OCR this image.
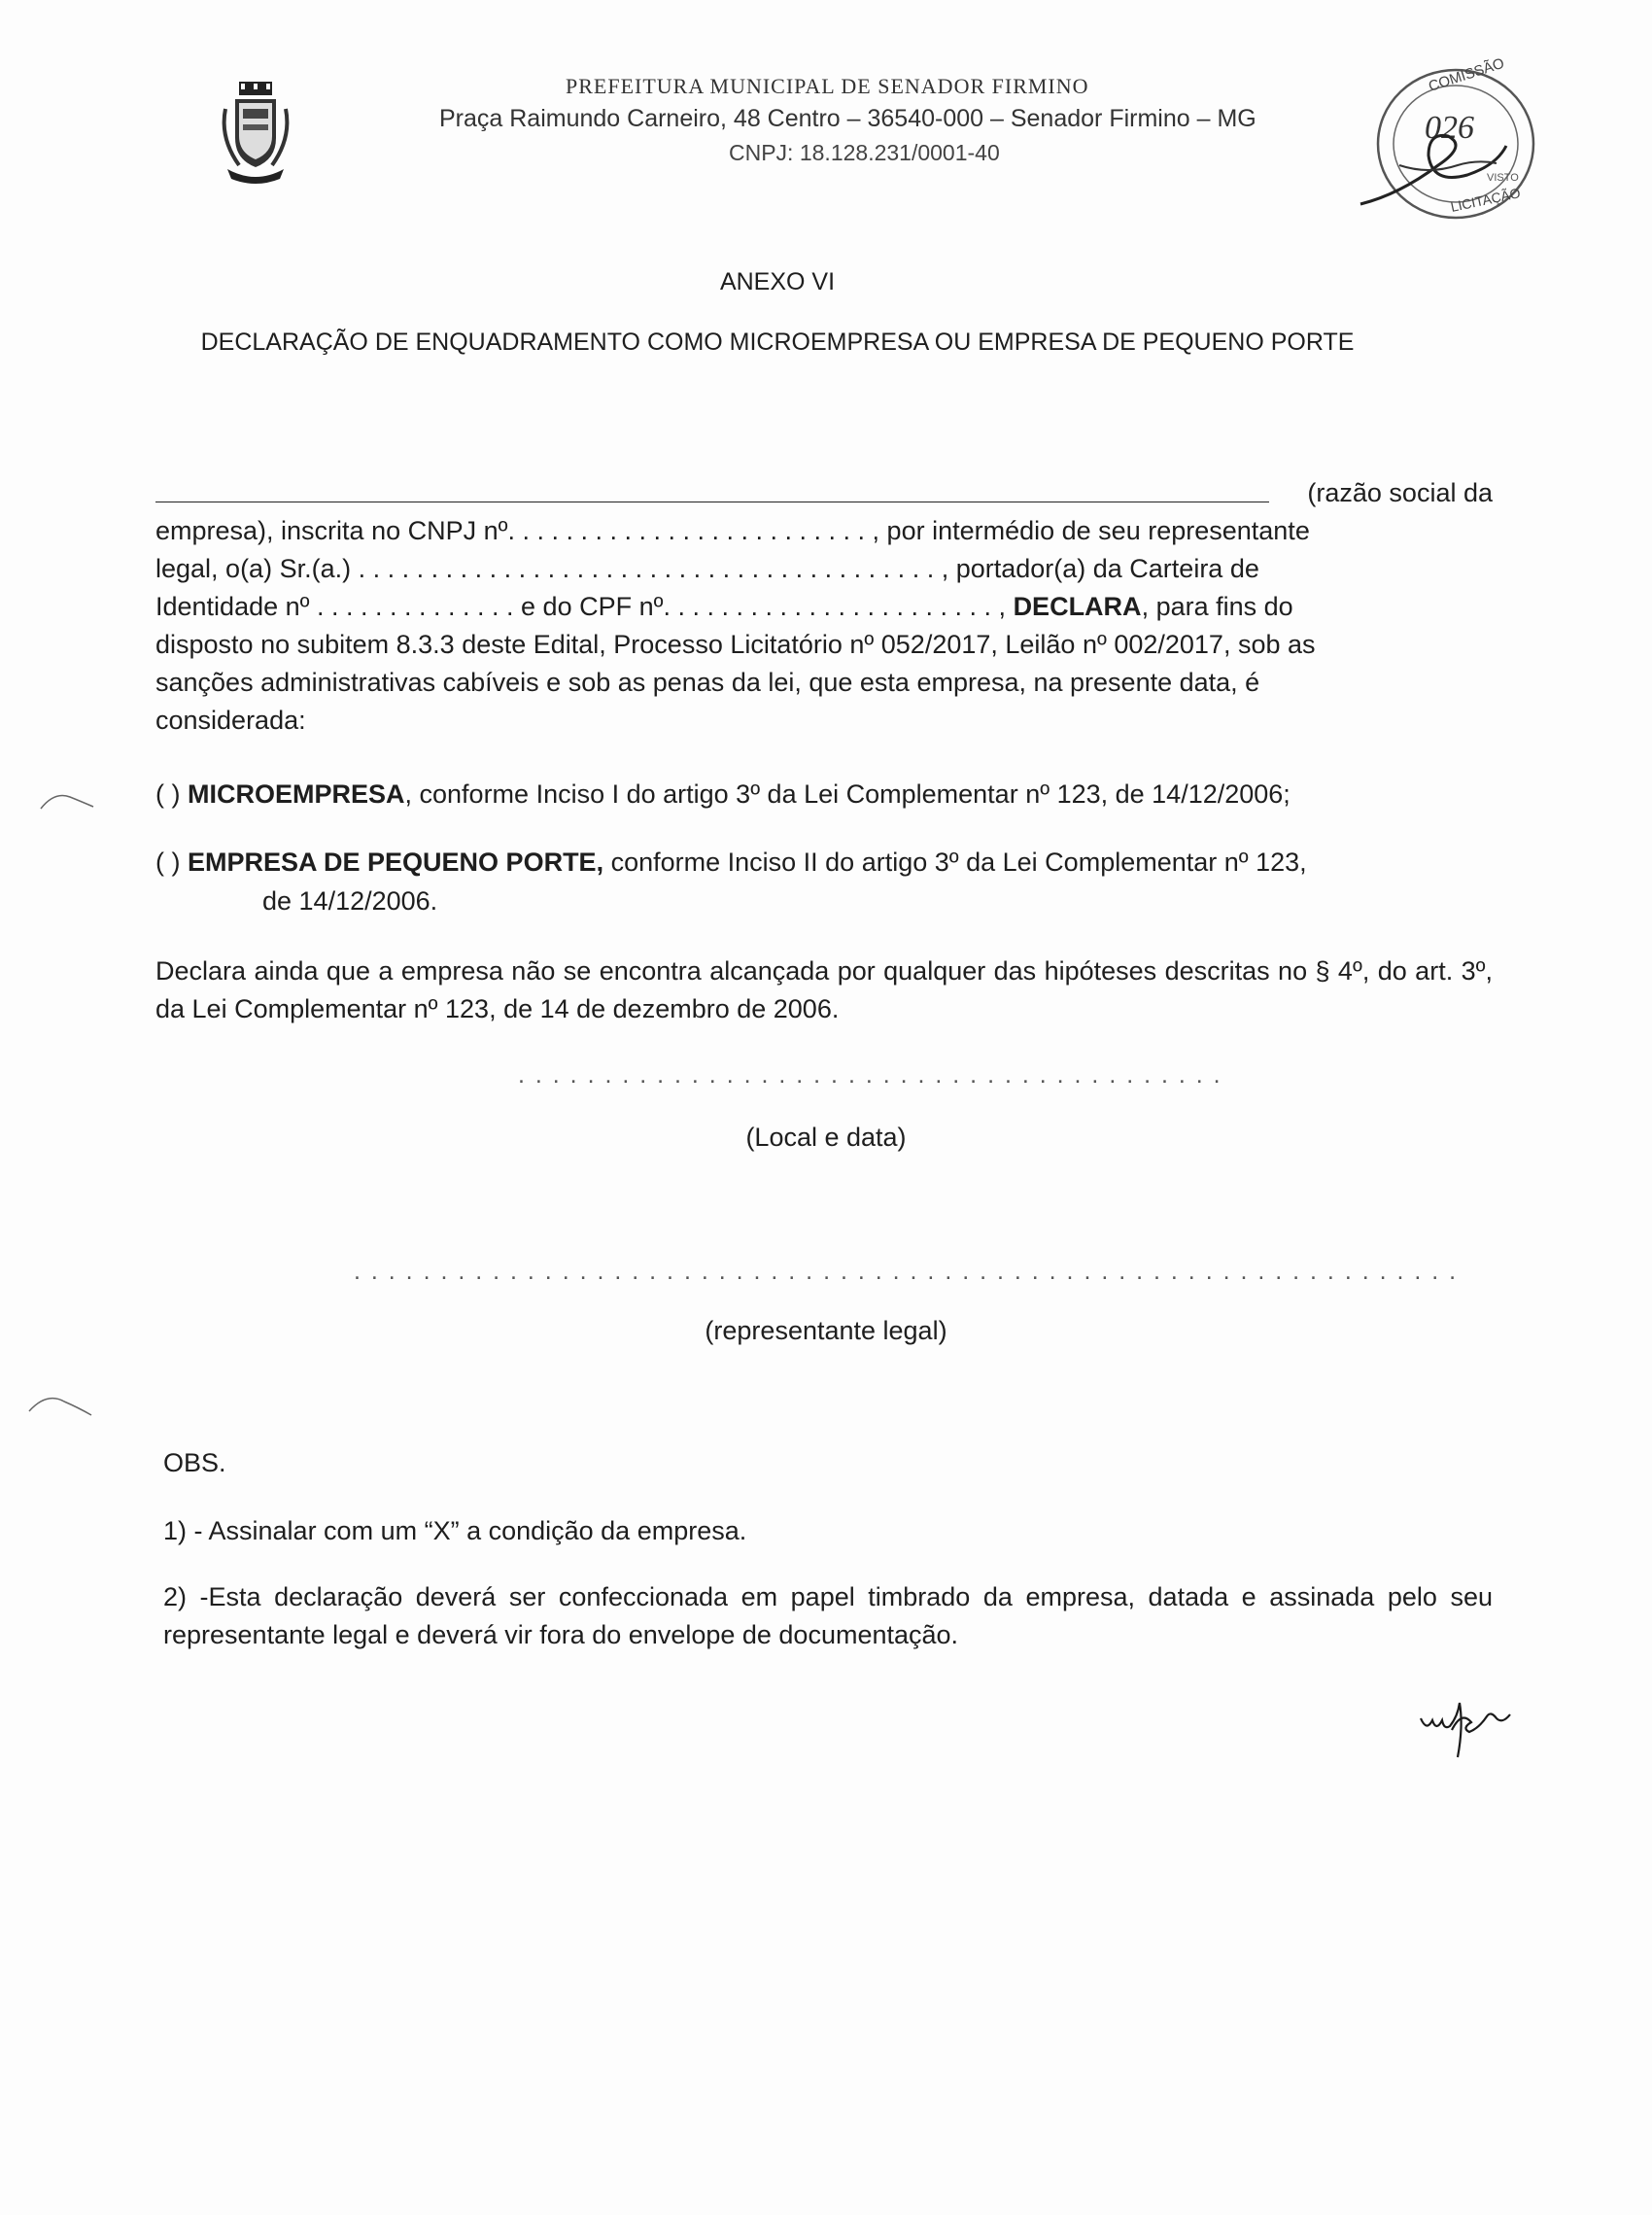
PREFEITURA MUNICIPAL DE SENADOR FIRMINO
Praça Raimundo Carneiro, 48 Centro – 36540-000 – Senador Firmino – MG
CNPJ: 18.128.231/0001-40
COMISSÃO
026
VISTO
LICITAÇÃO
ANEXO VI
DECLARAÇÃO DE ENQUADRAMENTO COMO MICROEMPRESA OU EMPRESA DE PEQUENO PORTE
(razão social da
empresa), inscrita no CNPJ nº. . . . . . . . . . . . . . . . . . . . . . . . . , por intermédio de seu representante
legal, o(a) Sr.(a.) . . . . . . . . . . . . . . . . . . . . . . . . . . . . . . . . . . . . . . . . , portador(a) da Carteira de
Identidade nº . . . . . . . . . . . . . . e do CPF nº. . . . . . . . . . . . . . . . . . . . . . . , DECLARA, para fins do
disposto no subitem 8.3.3 deste Edital, Processo Licitatório nº 052/2017, Leilão nº 002/2017, sob as
sanções administrativas cabíveis e sob as penas da lei, que esta empresa, na presente data, é
considerada:
( ) MICROEMPRESA, conforme Inciso I do artigo 3º da Lei Complementar nº 123, de 14/12/2006;
( ) EMPRESA DE PEQUENO PORTE, conforme Inciso II do artigo 3º da Lei Complementar nº 123,
de 14/12/2006.
Declara ainda que a empresa não se encontra alcançada por qualquer das hipóteses descritas no § 4º, do art. 3º, da Lei Complementar nº 123, de 14 de dezembro de 2006.
. . . . . . . . . . . . . . . . . . . . . . . . . . . . . . . . . . . . . . . . .
(Local e data)
. . . . . . . . . . . . . . . . . . . . . . . . . . . . . . . . . . . . . . . . . . . . . . . . . . . . . . . . . . . . . . . .
(representante legal)
OBS.
1) - Assinalar com um “X” a condição da empresa.
2) -Esta declaração deverá ser confeccionada em papel timbrado da empresa, datada e assinada pelo seu representante legal e deverá vir fora do envelope de documentação.
